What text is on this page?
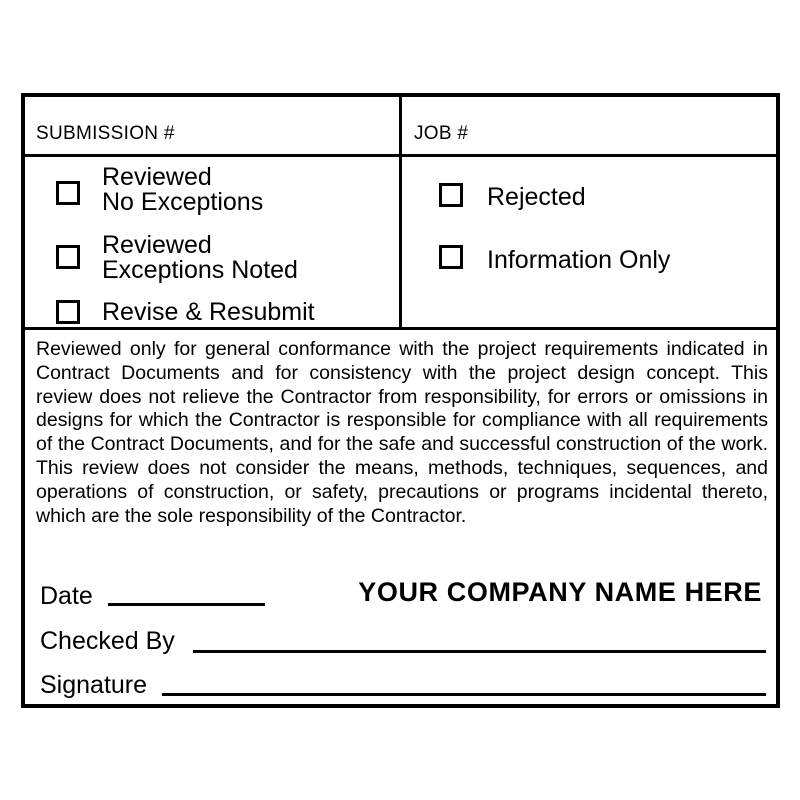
SUBMISSION #	JOB #
Reviewed
No Exceptions
Reviewed
Exceptions Noted
Revise & Resubmit
Rejected
Information Only
Reviewed only for general conformance with the project requirements indicated in Contract Documents and for consistency with the project design concept. This review does not relieve the Contractor from responsibility, for errors or omissions in designs for which the Contractor is responsible for compliance with all requirements of the Contract Documents, and for the safe and successful construction of the work. This review does not consider the means, methods, techniques, sequences, and operations of construction, or safety, precautions or programs incidental thereto, which are the sole responsibility of the Contractor.
Date	YOUR COMPANY NAME HERE
Checked By
Signature
